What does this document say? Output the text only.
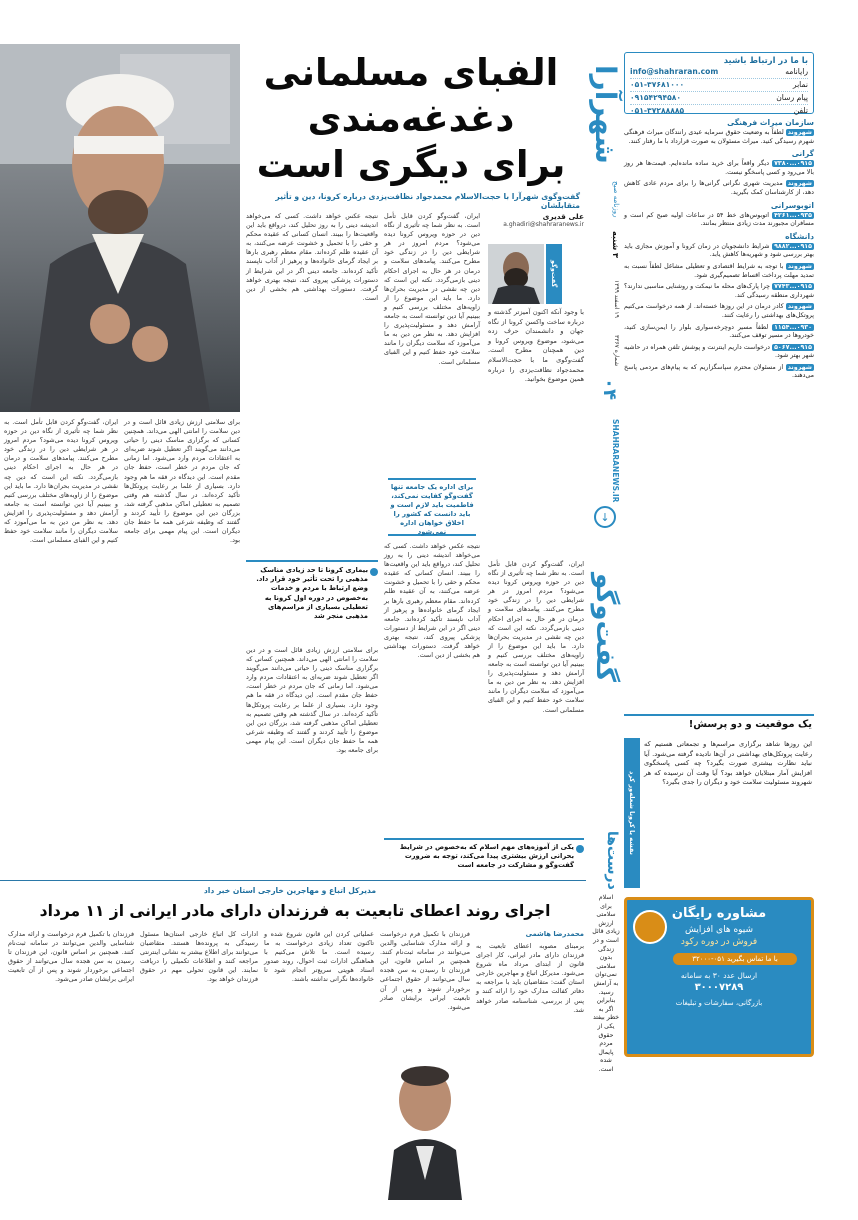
با ما در ارتباط باشید
رایانامه
info@shahraran.com
نمابر
۰۵۱-۳۷۶۸۱۰۰۰
پیام رسان
۰۹۱۵۴۲۹۴۵۸۰
تلفن
۰۵۱-۳۷۲۸۸۸۸۵
سازمان میراث فرهنگی
شهروند لطفاً به وضعیت حقوق سرمایه عیدی رانندگان میراث فرهنگی شهرم رسیدگی کنید. میراث مسئولان به صورت قرارداد با ما رفتار کنند.
گرانی
۰۹۱۵...۷۳۸۰ دیگر واقعاً برای خرید ساده مانده‌ایم. قیمت‌ها هر روز بالا می‌رود و کسی پاسخگو نیست.
شهروند مدیریت شهری نگرانی گرانی‌ها را برای مردم عادی کاهش دهد، از کارشناسان کمک بگیرید.
اتوبوسرانی
۰۹۳۵...۴۲۶۱ اتوبوس‌های خط ۵۴ در ساعات اولیه صبح کم است و مسافران مجبورند مدت زیادی منتظر بمانند.
دانشگاه
۰۹۱۵...۹۸۸۲ شرایط دانشجویان در زمان کرونا و آموزش مجازی باید بهتر بررسی شود و شهریه‌ها کاهش یابد.
شهروند با توجه به شرایط اقتصادی و تعطیلی مشاغل لطفاً نسبت به تمدید مهلت پرداخت اقساط تصمیم‌گیری شود.
۰۹۱۵...۷۷۴۳ چرا پارک‌های محله ما نیمکت و روشنایی مناسبی ندارند؟ شهرداری منطقه رسیدگی کند.
شهروند کادر درمان در این روزها خسته‌اند. از همه درخواست می‌کنیم پروتکل‌های بهداشتی را رعایت کنند.
۰۹۳۰...۱۱۵۴ لطفاً مسیر دوچرخه‌سواری بلوار را ایمن‌سازی کنید، خودروها در مسیر توقف می‌کنند.
۰۹۱۵...۵۰۶۷ درخواست داریم اینترنت و پوشش تلفن همراه در حاشیه شهر بهتر شود.
شهروند از مسئولان محترم سپاسگزاریم که به پیام‌های مردمی پاسخ می‌دهند.
یک موقعیت و دو پرسش!
نقشه با کرونا شعله‌ور کرد
این روزها شاهد برگزاری مراسم‌ها و تجمعاتی هستیم که رعایت پروتکل‌های بهداشتی در آن‌ها نادیده گرفته می‌شود. آیا نباید نظارت بیشتری صورت بگیرد؟ چه کسی پاسخگوی افزایش آمار مبتلایان خواهد بود؟ آیا وقت آن نرسیده که هر شهروند مسئولیت سلامت خود و دیگران را جدی بگیرد؟
مشاوره رایگان
شیوه های افزایش
فروش در دوره رکود
با ما تماس بگیرید ۰۵۱-۳۲۰۰۰
ارسال عدد ۳۰ به سامانه
۳۰۰۰۷۲۸۹
بازرگانی، سفارشات و تبلیغات
شهرآرا
روزنامه صبح
۳ شنبه
۱۹ اسفند ۱۳۹۹
شماره ۳۳۶۷
۰۴
SHAHRARANEWS.IR
↓
گفت‌و‌گو
الفبای مسلمانی
دغدغه‌مندی
برای دیگری است
گفت‌و‌گوی شهرآرا با حجت‌الاسلام محمدجواد نظافت‌یزدی درباره کرونا، دین و تأثیر متقابلشان
علی قدیری
a.ghadiri@shahraranews.ir
گفت‌و‌گو
با وجود آنکه اکنون آمیزتر گذشته و درباره ساخت واکسن کرونا از نگاه جهان و دانشمندان حرف زده می‌شود، موضوع ویروس کرونا و دین همچنان مطرح است. گفت‌وگوی ما با حجت‌الاسلام محمدجواد نظافت‌یزدی را درباره همین موضوع بخوانید.
ایران، گفت‌وگو کردن قابل تأمل است. به نظر شما چه تأثیری از نگاه دین در حوزه ویروس کرونا دیده می‌شود؟ مردم امروز در هر شرایطی دین را در زندگی خود مطرح می‌کنند. پیامدهای سلامت و درمان در هر حال به اجرای احکام دینی بازمی‌گردد. نکته این است که دین چه نقشی در مدیریت بحران‌ها دارد. ما باید این موضوع را از زاویه‌های مختلف بررسی کنیم و ببینیم آیا دین توانسته است به جامعه آرامش دهد و مسئولیت‌پذیری را افزایش دهد. به نظر من دین به ما می‌آموزد که سلامت دیگران را مانند سلامت خود حفظ کنیم و این الفبای مسلمانی است.
ایران، گفت‌وگو کردن قابل تأمل است. به نظر شما چه تأثیری از نگاه دین در حوزه ویروس کرونا دیده می‌شود؟ مردم امروز در هر شرایطی دین را در زندگی خود مطرح می‌کنند. پیامدهای سلامت و درمان در هر حال به اجرای احکام دینی بازمی‌گردد. نکته این است که دین چه نقشی در مدیریت بحران‌ها دارد. ما باید این موضوع را از زاویه‌های مختلف بررسی کنیم و ببینیم آیا دین توانسته است به جامعه آرامش دهد و مسئولیت‌پذیری را افزایش دهد. به نظر من دین به ما می‌آموزد که سلامت دیگران را مانند سلامت خود حفظ کنیم و این الفبای مسلمانی است.
برای اداره یک جامعه تنها گفت‌وگو کفایت نمی‌کند، فاطمیت باید لازم است و باید دانست که کشور را اخلاق خواهان اداره نمی‌شود
نتیجه عکس خواهد داشت. کسی که می‌خواهد اندیشه دینی را به روز تحلیل کند، درواقع باید این واقعیت‌ها را ببیند. انسان کسانی که عقیده محکم و حقی را با تحمیل و خشونت عرضه می‌کنند، به آن عقیده ظلم کرده‌اند. مقام معظم رهبری بارها بر ایجاد گرمای خانواده‌ها و پرهیز از آداب ناپسند تأکید کرده‌اند. جامعه دینی اگر در این شرایط از دستورات پزشکی پیروی کند، نتیجه بهتری خواهد گرفت. دستورات بهداشتی هم بخشی از دین است.
نتیجه عکس خواهد داشت. کسی که می‌خواهد اندیشه دینی را به روز تحلیل کند، درواقع باید این واقعیت‌ها را ببیند. انسان کسانی که عقیده محکم و حقی را با تحمیل و خشونت عرضه می‌کنند، به آن عقیده ظلم کرده‌اند. مقام معظم رهبری بارها بر ایجاد گرمای خانواده‌ها و پرهیز از آداب ناپسند تأکید کرده‌اند. جامعه دینی اگر در این شرایط از دستورات پزشکی پیروی کند، نتیجه بهتری خواهد گرفت. دستورات بهداشتی هم بخشی از دین است.
بیماری کرونا تا حد زیادی مناسک مذهبی را تحت تأثیر خود قرار داد. وضع ارتباط با مردم و خدمات به‌خصوص در دوره اول کرونا به تعطیلی بسیاری از مراسم‌های مذهبی منجر شد
برای سلامتی ارزش زیادی قائل است و در دین سلامت را امانتی الهی می‌داند. همچنین کسانی که برگزاری مناسک دینی را حیاتی می‌دانند می‌گویند اگر تعطیل شوند ضربه‌ای به اعتقادات مردم وارد می‌شود. اما زمانی که جان مردم در خطر است، حفظ جان مقدم است. این دیدگاه در فقه ما هم وجود دارد. بسیاری از علما بر رعایت پروتکل‌ها تأکید کرده‌اند. در سال گذشته هم وقتی تصمیم به تعطیلی اماکن مذهبی گرفته شد، بزرگان دین این موضوع را تأیید کردند و گفتند که وظیفه شرعی همه ما حفظ جان دیگران است. این پیام مهمی برای جامعه بود.
برای سلامتی ارزش زیادی قائل است و در دین سلامت را امانتی الهی می‌داند. همچنین کسانی که برگزاری مناسک دینی را حیاتی می‌دانند می‌گویند اگر تعطیل شوند ضربه‌ای به اعتقادات مردم وارد می‌شود. اما زمانی که جان مردم در خطر است، حفظ جان مقدم است. این دیدگاه در فقه ما هم وجود دارد. بسیاری از علما بر رعایت پروتکل‌ها تأکید کرده‌اند. در سال گذشته هم وقتی تصمیم به تعطیلی اماکن مذهبی گرفته شد، بزرگان دین این موضوع را تأیید کردند و گفتند که وظیفه شرعی همه ما حفظ جان دیگران است. این پیام مهمی برای جامعه بود.
ایران، گفت‌وگو کردن قابل تأمل است. به نظر شما چه تأثیری از نگاه دین در حوزه ویروس کرونا دیده می‌شود؟ مردم امروز در هر شرایطی دین را در زندگی خود مطرح می‌کنند. پیامدهای سلامت و درمان در هر حال به اجرای احکام دینی بازمی‌گردد. نکته این است که دین چه نقشی در مدیریت بحران‌ها دارد. ما باید این موضوع را از زاویه‌های مختلف بررسی کنیم و ببینیم آیا دین توانسته است به جامعه آرامش دهد و مسئولیت‌پذیری را افزایش دهد. به نظر من دین به ما می‌آموزد که سلامت دیگران را مانند سلامت خود حفظ کنیم و این الفبای مسلمانی است.
یکی از آموزه‌های مهم اسلام که به‌خصوص در شرایط بحرانی ارزش بیشتری پیدا می‌کند، توجه به ضرورت گفت‌وگو و مشارکت در جامعه است	درست‌ها
اسلام برای سلامتی ارزش زیادی قائل است و در زندگی بدون سلامتی نمی‌توان به آرامش رسید. بنابراین اگر به خطر بیفتد یکی از حقوق مردم پایمال شده است.
مدیرکل اتباع و مهاجرین خارجی استان خبر داد
اجرای روند اعطای تابعیت به فرزندان دارای مادر ایرانی از ۱۱ مرداد
محمدرضا هاشمی
برمبنای مصوبه اعطای تابعیت به فرزندان دارای مادر ایرانی، کار اجرای قانون از ابتدای مرداد ماه شروع می‌شود. مدیرکل اتباع و مهاجرین خارجی استان گفت: متقاضیان باید با مراجعه به دفاتر کفالت مدارک خود را ارائه کنند و پس از بررسی، شناسنامه صادر خواهد شد.
فرزندان با تکمیل فرم درخواست و ارائه مدارک شناسایی والدین می‌توانند در سامانه ثبت‌نام کنند. همچنین بر اساس قانون، این فرزندان تا رسیدن به سن هجده سال می‌توانند از حقوق اجتماعی برخوردار شوند و پس از آن تابعیت ایرانی برایشان صادر می‌شود.
عملیاتی کردن این قانون شروع شده و تاکنون تعداد زیادی درخواست به ما رسیده است. ما تلاش می‌کنیم با هماهنگی ادارات ثبت احوال، روند صدور اسناد هویتی سریع‌تر انجام شود تا خانواده‌ها نگرانی نداشته باشند.
ادارات کل اتباع خارجی استان‌ها مسئول رسیدگی به پرونده‌ها هستند. متقاضیان می‌توانند برای اطلاع بیشتر به نشانی اینترنتی مراجعه کنند و اطلاعات تکمیلی را دریافت نمایند. این قانون تحولی مهم در حقوق فرزندان خواهد بود.
فرزندان با تکمیل فرم درخواست و ارائه مدارک شناسایی والدین می‌توانند در سامانه ثبت‌نام کنند. همچنین بر اساس قانون، این فرزندان تا رسیدن به سن هجده سال می‌توانند از حقوق اجتماعی برخوردار شوند و پس از آن تابعیت ایرانی برایشان صادر می‌شود.
